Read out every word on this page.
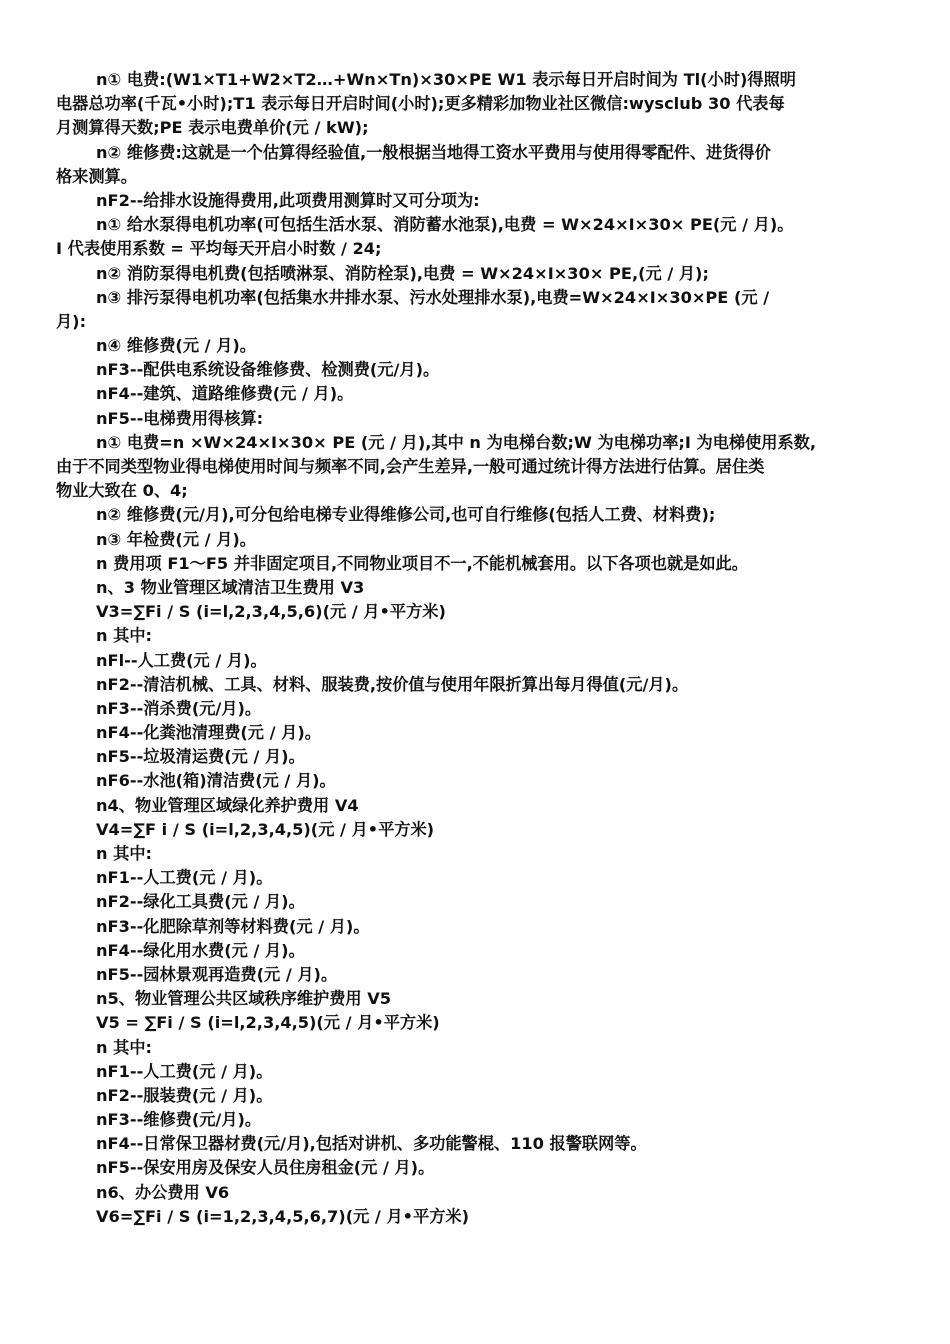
n① 电费:(W1×T1+W2×T2…+Wn×Tn)×30×PE W1 表示每日开启时间为 Tl(小时)得照明
电器总功率(千瓦•小时);T1 表示每日开启时间(小时);更多精彩加物业社区微信:wysclub 30 代表每
月测算得天数;PE 表示电费单价(元 / kW);
n② 维修费:这就是一个估算得经验值,一般根据当地得工资水平费用与使用得零配件、进货得价
格来测算。
nF2--给排水设施得费用,此项费用测算时又可分项为:
n① 给水泵得电机功率(可包括生活水泵、消防蓄水池泵),电费 = W×24×I×30× PE(元 / 月)。
I 代表使用系数 = 平均每天开启小时数 / 24;
n② 消防泵得电机费(包括喷淋泵、消防栓泵),电费 = W×24×I×30× PE,(元 / 月);
n③ 排污泵得电机功率(包括集水井排水泵、污水处理排水泵),电费=W×24×I×30×PE (元 /
月):
n④ 维修费(元 / 月)。
nF3--配供电系统设备维修费、检测费(元/月)。
nF4--建筑、道路维修费(元 / 月)。
nF5--电梯费用得核算:
n① 电费=n ×W×24×I×30× PE (元 / 月),其中 n 为电梯台数;W 为电梯功率;I 为电梯使用系数,
由于不同类型物业得电梯使用时间与频率不同,会产生差异,一般可通过统计得方法进行估算。居住类
物业大致在 0、4;
n② 维修费(元/月),可分包给电梯专业得维修公司,也可自行维修(包括人工费、材料费);
n③ 年检费(元 / 月)。
n 费用项 F1～F5 并非固定项目,不同物业项目不一,不能机械套用。以下各项也就是如此。
n、3 物业管理区域清洁卫生费用 V3
V3=∑Fi / S (i=l,2,3,4,5,6)(元 / 月•平方米)
n 其中:
nFl--人工费(元 / 月)。
nF2--清洁机械、工具、材料、服装费,按价值与使用年限折算出每月得值(元/月)。
nF3--消杀费(元/月)。
nF4--化粪池清理费(元 / 月)。
nF5--垃圾清运费(元 / 月)。
nF6--水池(箱)清洁费(元 / 月)。
n4、物业管理区域绿化养护费用 V4
V4=∑F i / S (i=l,2,3,4,5)(元 / 月•平方米)
n 其中:
nF1--人工费(元 / 月)。
nF2--绿化工具费(元 / 月)。
nF3--化肥除草剂等材料费(元 / 月)。
nF4--绿化用水费(元 / 月)。
nF5--园林景观再造费(元 / 月)。
n5、物业管理公共区域秩序维护费用 V5
V5 = ∑Fi / S (i=l,2,3,4,5)(元 / 月•平方米)
n 其中:
nF1--人工费(元 / 月)。
nF2--服装费(元 / 月)。
nF3--维修费(元/月)。
nF4--日常保卫器材费(元/月),包括对讲机、多功能警棍、110 报警联网等。
nF5--保安用房及保安人员住房租金(元 / 月)。
n6、办公费用 V6
V6=∑Fi / S (i=1,2,3,4,5,6,7)(元 / 月•平方米)
